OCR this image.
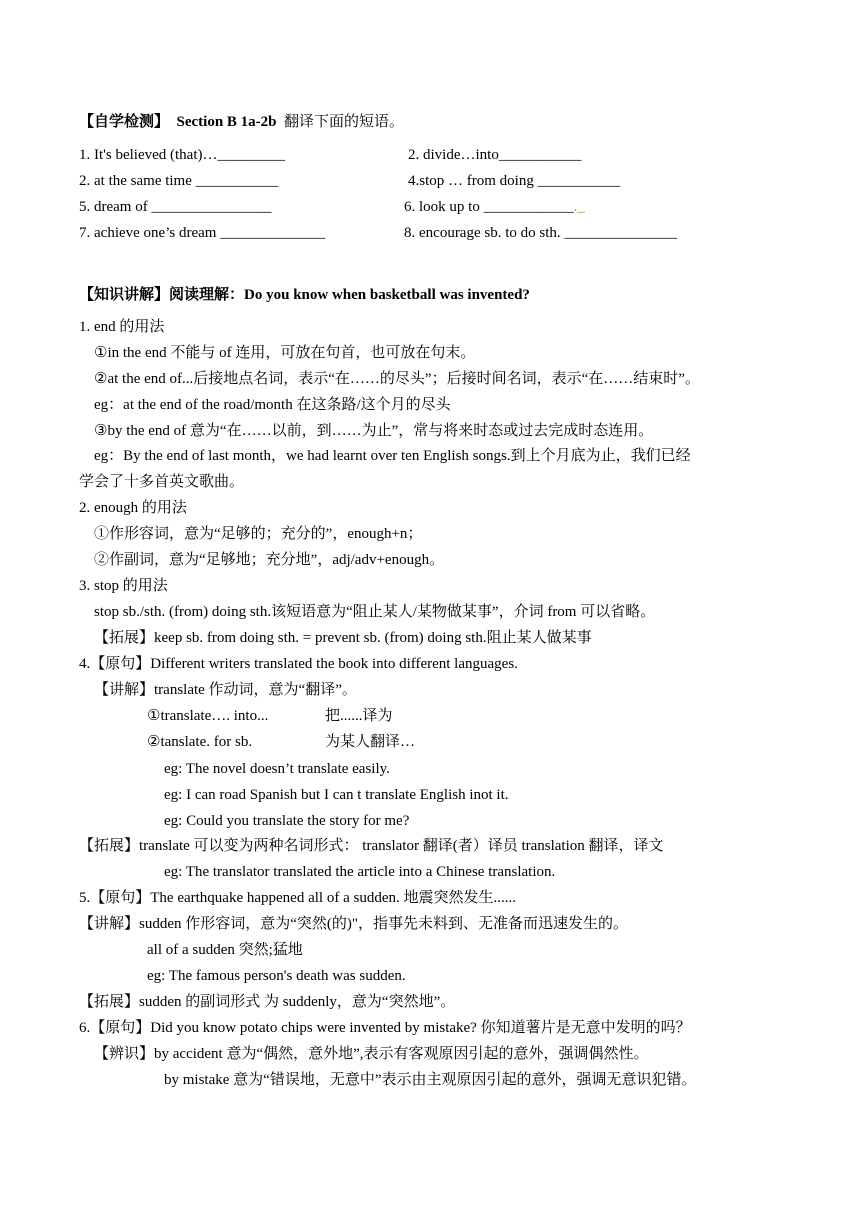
【自学检测】 Section B 1a-2b 翻译下面的短语。
1. It's believed (that)…_________	2. divide…into___________
2. at the same time ___________	4.stop … from doing ___________
5. dream of ________________	6. look up to ____________._
7. achieve one’s dream ______________	8. encourage sb. to do sth. _______________
【知识讲解】阅读理解：Do you know when basketball was invented?
1. end 的用法
①in the end 不能与 of 连用，可放在句首，也可放在句末。
②at the end of...后接地点名词，表示“在……的尽头”；后接时间名词，表示“在……结束时”。
eg：at the end of the road/month 在这条路/这个月的尽头
③by the end of 意为“在……以前，到……为止”，常与将来时态或过去完成时态连用。
eg：By the end of last month，we had learnt over ten English songs.到上个月底为止，我们已经
学会了十多首英文歌曲。
2. enough 的用法
①作形容词，意为“足够的；充分的”，enough+n；
②作副词，意为“足够地；充分地”，adj/adv+enough。
3. stop 的用法
stop sb./sth. (from) doing sth.该短语意为“阻止某人/某物做某事”，介词 from 可以省略。
【拓展】keep sb. from doing sth. = prevent sb. (from) doing sth.阻止某人做某事
4.【原句】Different writers translated the book into different languages.
【讲解】translate 作动词，意为“翻译”。
①translate…. into...	把......译为
②tanslate. for sb.	为某人翻译…
eg: The novel doesn’t translate easily.
eg: I can road Spanish but I can t translate English inot it.
eg: Could you translate the story for me?
【拓展】translate 可以变为两种名词形式： translator 翻译(者）译员 translation 翻译，译文
eg: The translator translated the article into a Chinese translation.
5.【原句】The earthquake happened all of a sudden. 地震突然发生......
【讲解】sudden 作形容词，意为“突然(的)"，指事先未料到、无准备而迅速发生的。
all of a sudden 突然;猛地
eg: The famous person's death was sudden.
【拓展】sudden 的副词形式 为 suddenly，意为“突然地”。
6.【原句】Did you know potato chips were invented by mistake? 你知道薯片是无意中发明的吗？
【辨识】by accident 意为“偶然，意外地”,表示有客观原因引起的意外，强调偶然性。
by mistake 意为“错误地，无意中”表示由主观原因引起的意外，强调无意识犯错。
